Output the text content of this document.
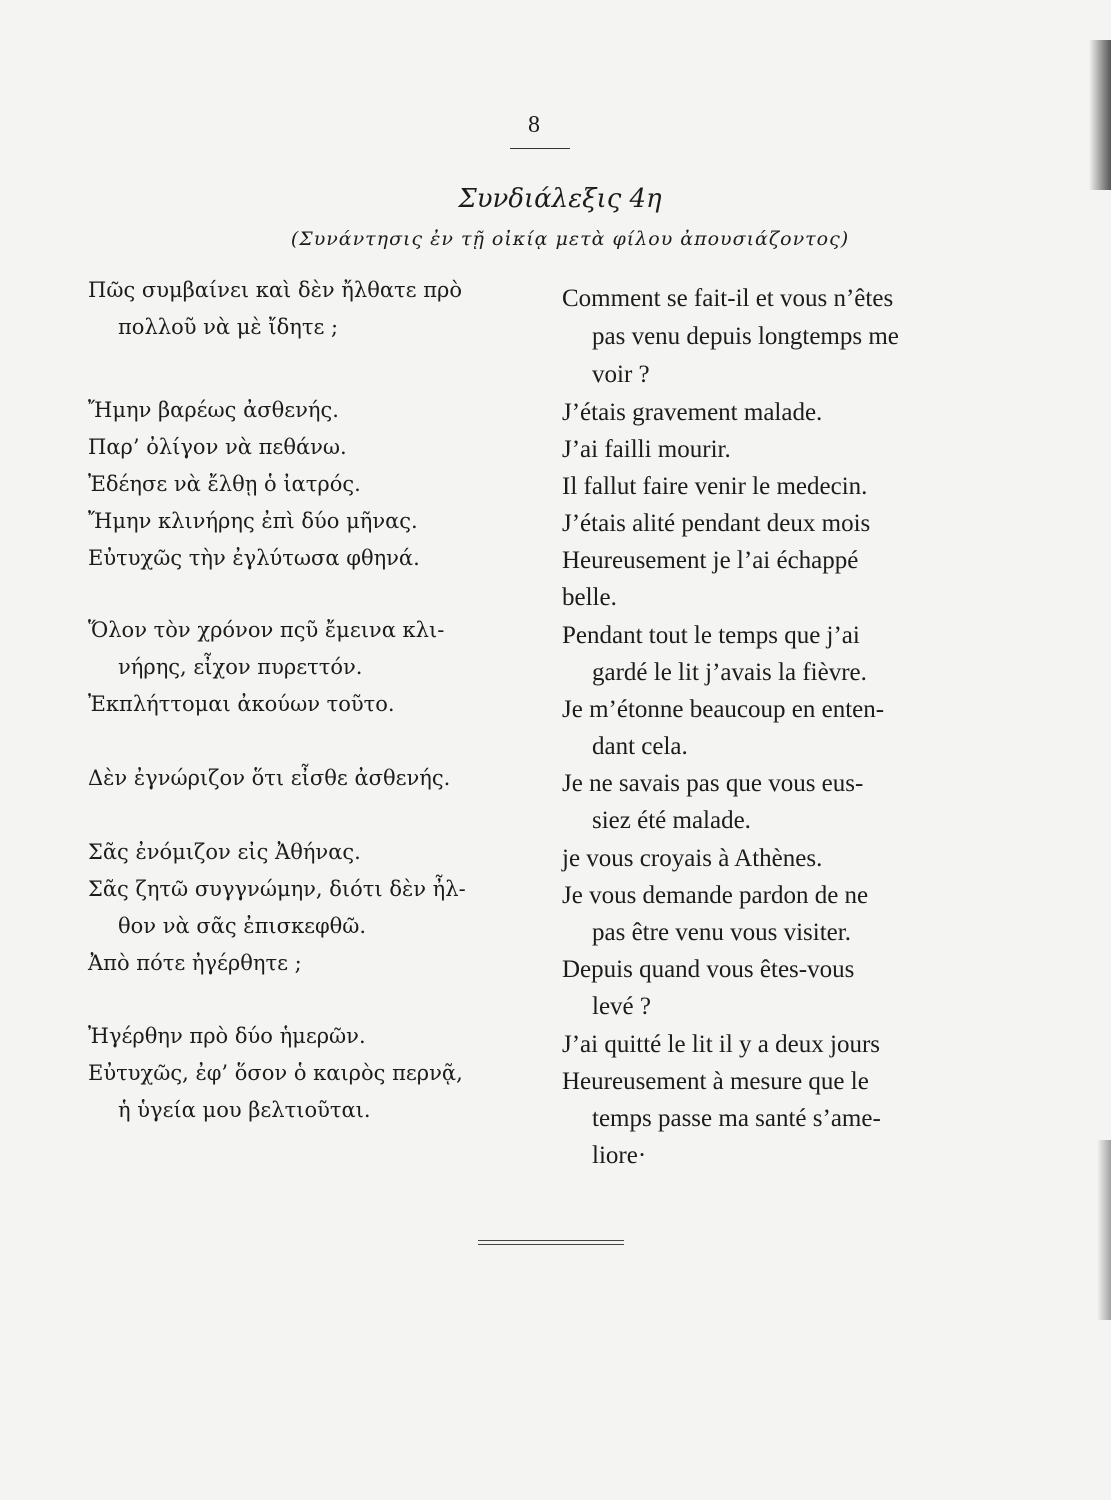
8
Συνδιάλεξις 4η
(Συνάντησις ἐν τῇ οἰκίᾳ μετὰ φίλου ἀπουσιάζοντος)
Πῶς συμβαίνει καὶ δὲν ἤλθατε πρὸ
πολλοῦ νὰ μὲ ἴδητε ;
Ἤμην βαρέως ἀσθενής.
Παρ’ ὀλίγον νὰ πεθάνω.
Ἐδέησε νὰ ἔλθῃ ὁ ἰατρός.
Ἤμην κλινήρης ἐπὶ δύο μῆνας.
Εὐτυχῶς τὴν ἐγλύτωσα φθηνά.
Ὅλον τὸν χρόνον πςῦ ἔμεινα κλι-
νήρης, εἶχον πυρεττόν.
Ἐκπλήττομαι ἀκούων τοῦτο.
Δὲν ἐγνώριζον ὅτι εἶσθε ἀσθενής.
Σᾶς ἐνόμιζον εἰς Ἀθήνας.
Σᾶς ζητῶ συγγνώμην, διότι δὲν ἦλ-
θον νὰ σᾶς ἐπισκεφθῶ.
Ἀπὸ πότε ἠγέρθητε ;
Ἠγέρθην πρὸ δύο ἡμερῶν.
Εὐτυχῶς, ἐφ’ ὅσον ὁ καιρὸς περνᾷ,
ἡ ὑγεία μου βελτιοῦται.
Comment se fait-il et vous n’êtes
pas venu depuis longtemps me
voir ?
J’étais gravement malade.
J’ai failli mourir.
Il fallut faire venir le medecin.
J’étais alité pendant deux mois
Heureusement je l’ai échappé
belle.
Pendant tout le temps que j’ai
gardé le lit j’avais la fièvre.
Je m’étonne beaucoup en enten-
dant cela.
Je ne savais pas que vous eus-
siez été malade.
je vous croyais à Athènes.
Je vous demande pardon de ne
pas être venu vous visiter.
Depuis quand vous êtes-vous
levé ?
J’ai quitté le lit il y a deux jours
Heureusement à mesure que le
temps passe ma santé s’ame-
liore·
